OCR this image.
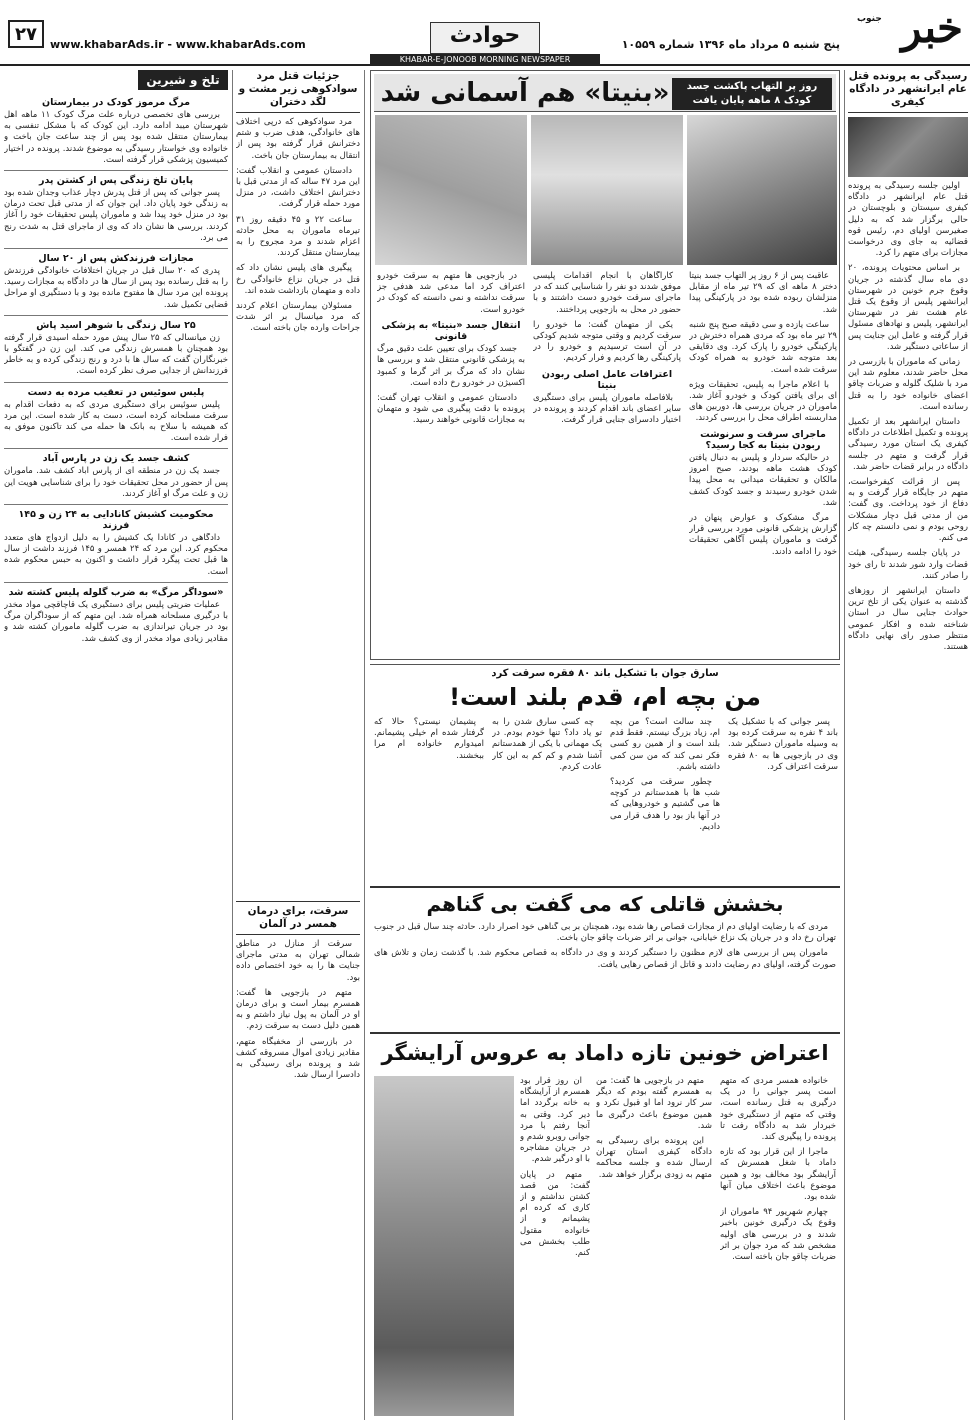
۲۷	www.khabarAds.ir - www.khabarAds.com	حوادث	پنج شنبه ۵ مرداد ماه ۱۳۹۶ شماره ۱۰۵۵۹ خبر
جنوب
KHABAR-E-JONOOB MORNING NEWSPAPER
رسیدگی به پرونده قتل عام ایرانشهر در دادگاه کیفری

اولین جلسه رسیدگی به پرونده قتل عام ایرانشهر در دادگاه کیفری سیستان و بلوچستان در حالی برگزار شد که به دلیل صغیرسن اولیای دم، رئیس قوه قضائیه به جای وی درخواست مجازات برای متهم را کرد.

بر اساس محتویات پرونده، ۲۰ دی ماه سال گذشته در جریان وقوع جرم خونین در شهرستان ایرانشهر پلیس از وقوع یک قتل عام هشت نفر در شهرستان ایرانشهر، پلیس و نهادهای مسئول قرار گرفته و عامل این جنایت پس از ساعاتی دستگیر شد.

زمانی که ماموران با بازرسی در محل حاضر شدند، معلوم شد این مرد با شلیک گلوله و ضربات چاقو اعضای خانواده خود را به قتل رسانده است.

داستان ایرانشهر بعد از تکمیل پرونده و تکمیل اطلاعات در دادگاه کیفری یک استان مورد رسیدگی قرار گرفت و متهم در جلسه دادگاه در برابر قضات حاضر شد.

پس از قرائت کیفرخواست، متهم در جایگاه قرار گرفت و به دفاع از خود پرداخت. وی گفت: من از مدتی قبل دچار مشکلات روحی بودم و نمی دانستم چه کار می کنم.

در پایان جلسه رسیدگی، هیئت قضات وارد شور شدند تا رای خود را صادر کنند.

داستان ایرانشهر از روزهای گذشته به عنوان یکی از تلخ ترین حوادث جنایی سال در استان شناخته شده و افکار عمومی منتظر صدور رای نهایی دادگاه هستند.

روز پر التهاب پاکشت جسد کودک ۸ ماهه پایان یافت
«بنیتا» هم آسمانی شد

عاقبت پس از ۶ روز پر التهاب جسد بنیتا دختر ۸ ماهه ای که ۲۹ تیر ماه از مقابل منزلشان ربوده شده بود در پارکینگی پیدا شد.

ساعت یازده و سی دقیقه صبح پنج شنبه ۲۹ تیر ماه بود که مردی همراه دخترش در پارکینگی خودرو را پارک کرد. وی دقایقی بعد متوجه شد خودرو به همراه کودک سرقت شده است.

با اعلام ماجرا به پلیس، تحقیقات ویژه ای برای یافتن کودک و خودرو آغاز شد. ماموران در جریان بررسی ها، دوربین های مداربسته اطراف محل را بررسی کردند.

ماجرای سرقت و سرنوشت ربودن بنیتا به کجا رسید؟

در حالیکه سردار و پلیس به دنبال یافتن کودک هشت ماهه بودند، صبح امروز مالکان و تحقیقات میدانی به محل پیدا شدن خودرو رسیدند و جسد کودک کشف شد.

مرگ مشکوک و عوارض پنهان در گزارش پزشکی قانونی مورد بررسی قرار گرفت و ماموران پلیس آگاهی تحقیقات خود را ادامه دادند.

کارآگاهان با انجام اقدامات پلیسی موفق شدند دو نفر را شناسایی کنند که در ماجرای سرقت خودرو دست داشتند و با حضور در محل به بازجویی پرداختند.

یکی از متهمان گفت: ما خودرو را سرقت کردیم و وقتی متوجه شدیم کودکی در آن است ترسیدیم و خودرو را در پارکینگی رها کردیم و فرار کردیم.

اعترافات عامل اصلی ربودن بنیتا

بلافاصله ماموران پلیس برای دستگیری سایر اعضای باند اقدام کردند و پرونده در اختیار دادسرای جنایی قرار گرفت.

در بازجویی ها متهم به سرقت خودرو اعتراف کرد اما مدعی شد هدفی جز سرقت نداشته و نمی دانسته که کودک در خودرو است.

انتقال جسد «بنیتا» به پزشکی قانونی

جسد کودک برای تعیین علت دقیق مرگ به پزشکی قانونی منتقل شد و بررسی ها نشان داد که مرگ بر اثر گرما و کمبود اکسیژن در خودرو رخ داده است.

دادستان عمومی و انقلاب تهران گفت: پرونده با دقت پیگیری می شود و متهمان به مجازات قانونی خواهند رسید.

جزئیات قتل مرد سوادکوهی زیر مشت و لگد دختران

مرد سوادکوهی که درپی اختلاف های خانوادگی، هدف ضرب و شتم دخترانش قرار گرفته بود پس از انتقال به بیمارستان جان باخت.

دادستان عمومی و انقلاب گفت: این مرد ۴۷ ساله که از مدتی قبل با دخترانش اختلاف داشت، در منزل مورد حمله قرار گرفت.

ساعت ۲۲ و ۴۵ دقیقه روز ۳۱ تیرماه ماموران به محل حادثه اعزام شدند و مرد مجروح را به بیمارستان منتقل کردند.

پیگیری های پلیس نشان داد که قتل در جریان نزاع خانوادگی رخ داده و متهمان بازداشت شده اند.

مسئولان بیمارستان اعلام کردند که مرد میانسال بر اثر شدت جراحات وارده جان باخته است.

سرقت، برای درمان همسر در آلمان

سرقت از منازل در مناطق شمالی تهران به مدتی ماجرای جنایت ها را به خود اختصاص داده بود.

متهم در بازجویی ها گفت: همسرم بیمار است و برای درمان او در آلمان به پول نیاز داشتم و به همین دلیل دست به سرقت زدم.

در بازرسی از مخفیگاه متهم، مقادیر زیادی اموال مسروقه کشف شد و پرونده برای رسیدگی به دادسرا ارسال شد.

سارق جوان با تشکیل باند ۸۰ فقره سرقت کرد
من بچه ام، قدم بلند است!

پسر جوانی که با تشکیل یک باند ۴ نفره به سرقت کرده بود به وسیله ماموران دستگیر شد. وی در بازجویی ها به ۸۰ فقره سرقت اعتراف کرد.

چند سالت است؟ من بچه ام، زیاد بزرگ نیستم. فقط قدم بلند است و از همین رو کسی فکر نمی کند که من سن کمی داشته باشم.

چطور سرقت می کردید؟ شب ها با همدستانم در کوچه ها می گشتیم و خودروهایی که در آنها باز بود را هدف قرار می دادیم.

چه کسی سارق شدن را به تو یاد داد؟ تنها خودم بودم. در یک مهمانی با یکی از همدستانم آشنا شدم و کم کم به این کار عادت کردم.

پشیمان نیستی؟ حالا که گرفتار شده ام خیلی پشیمانم. امیدوارم خانواده ام مرا ببخشند.

بخشش قاتلی که می گفت بی گناهم

مردی که با رضایت اولیای دم از مجازات قصاص رها شده بود، همچنان بر بی گناهی خود اصرار دارد. حادثه چند سال قبل در جنوب تهران رخ داد و در جریان یک نزاع خیابانی، جوانی بر اثر ضربات چاقو جان باخت.

ماموران پس از بررسی های لازم مظنون را دستگیر کردند و وی در دادگاه به قصاص محکوم شد. با گذشت زمان و تلاش های صورت گرفته، اولیای دم رضایت دادند و قاتل از قصاص رهایی یافت.

اعتراض خونین تازه داماد به عروس آرایشگر

خانواده همسر مردی که متهم است پسر جوانی را در یک درگیری به قتل رسانده است، وقتی که متهم از دستگیری خود خبردار شد به دادگاه رفت تا پرونده را پیگیری کند.

ماجرا از این قرار بود که تازه داماد با شغل همسرش که آرایشگر بود مخالف بود و همین موضوع باعث اختلاف میان آنها شده بود.

چهارم شهریور ۹۴ ماموران از وقوع یک درگیری خونین باخبر شدند و در بررسی های اولیه مشخص شد که مرد جوان بر اثر ضربات چاقو جان باخته است.

متهم در بازجویی ها گفت: من به همسرم گفته بودم که دیگر سر کار نرود اما او قبول نکرد و همین موضوع باعث درگیری ما شد.

این پرونده برای رسیدگی به دادگاه کیفری استان تهران ارسال شده و جلسه محاکمه متهم به زودی برگزار خواهد شد.

آن روز قرار بود همسرم از آرایشگاه به خانه برگردد اما دیر کرد. وقتی به آنجا رفتم با مرد جوانی روبرو شدم و در جریان مشاجره با او درگیر شدم.

متهم در پایان گفت: من قصد کشتن نداشتم و از کاری که کرده ام پشیمانم و از خانواده مقتول طلب بخشش می کنم.

تلخ و شیرین
مرگ مرموز کودک در بیمارستان
بررسی های تخصصی درباره علت مرگ کودک ۱۱ ماهه اهل شهرستان میبد ادامه دارد. این کودک که با مشکل تنفسی به بیمارستان منتقل شده بود پس از چند ساعت جان باخت و خانواده وی خواستار رسیدگی به موضوع شدند. پرونده در اختیار کمیسیون پزشکی قرار گرفته است.
پایان تلخ زندگی پس از کشتن پدر
پسر جوانی که پس از قتل پدرش دچار عذاب وجدان شده بود به زندگی خود پایان داد. این جوان که از مدتی قبل تحت درمان بود در منزل خود پیدا شد و ماموران پلیس تحقیقات خود را آغاز کردند. بررسی ها نشان داد که وی از ماجرای قتل به شدت رنج می برد.
مجازات فرزندکش پس از ۲۰ سال
پدری که ۲۰ سال قبل در جریان اختلافات خانوادگی فرزندش را به قتل رسانده بود پس از سال ها در دادگاه به مجازات رسید. پرونده این مرد سال ها مفتوح مانده بود و با دستگیری او مراحل قضایی تکمیل شد.
۲۵ سال زندگی با شوهر اسید پاش
زن میانسالی که ۲۵ سال پیش مورد حمله اسیدی قرار گرفته بود همچنان با همسرش زندگی می کند. این زن در گفتگو با خبرنگاران گفت که سال ها با درد و رنج زندگی کرده و به خاطر فرزندانش از جدایی صرف نظر کرده است.
پلیس سوئیس در تعقیب مرده به دست
پلیس سوئیس برای دستگیری مردی که به دفعات اقدام به سرقت مسلحانه کرده است، دست به کار شده است. این مرد که همیشه با سلاح به بانک ها حمله می کند تاکنون موفق به فرار شده است.
کشف جسد یک زن در پارس آباد
جسد یک زن در منطقه ای از پارس آباد کشف شد. ماموران پس از حضور در محل تحقیقات خود را برای شناسایی هویت این زن و علت مرگ او آغاز کردند.
محکومیت کشیش کانادایی به ۲۴ زن و ۱۴۵ فرزند
دادگاهی در کانادا یک کشیش را به دلیل ازدواج های متعدد محکوم کرد. این مرد که ۲۴ همسر و ۱۴۵ فرزند داشت از سال ها قبل تحت پیگرد قرار داشت و اکنون به حبس محکوم شده است.
«سوداگر مرگ» به ضرب گلوله پلیس کشته شد
عملیات ضربتی پلیس برای دستگیری یک قاچاقچی مواد مخدر با درگیری مسلحانه همراه شد. این متهم که از سوداگران مرگ بود در جریان تیراندازی به ضرب گلوله ماموران کشته شد و مقادیر زیادی مواد مخدر از وی کشف شد.
